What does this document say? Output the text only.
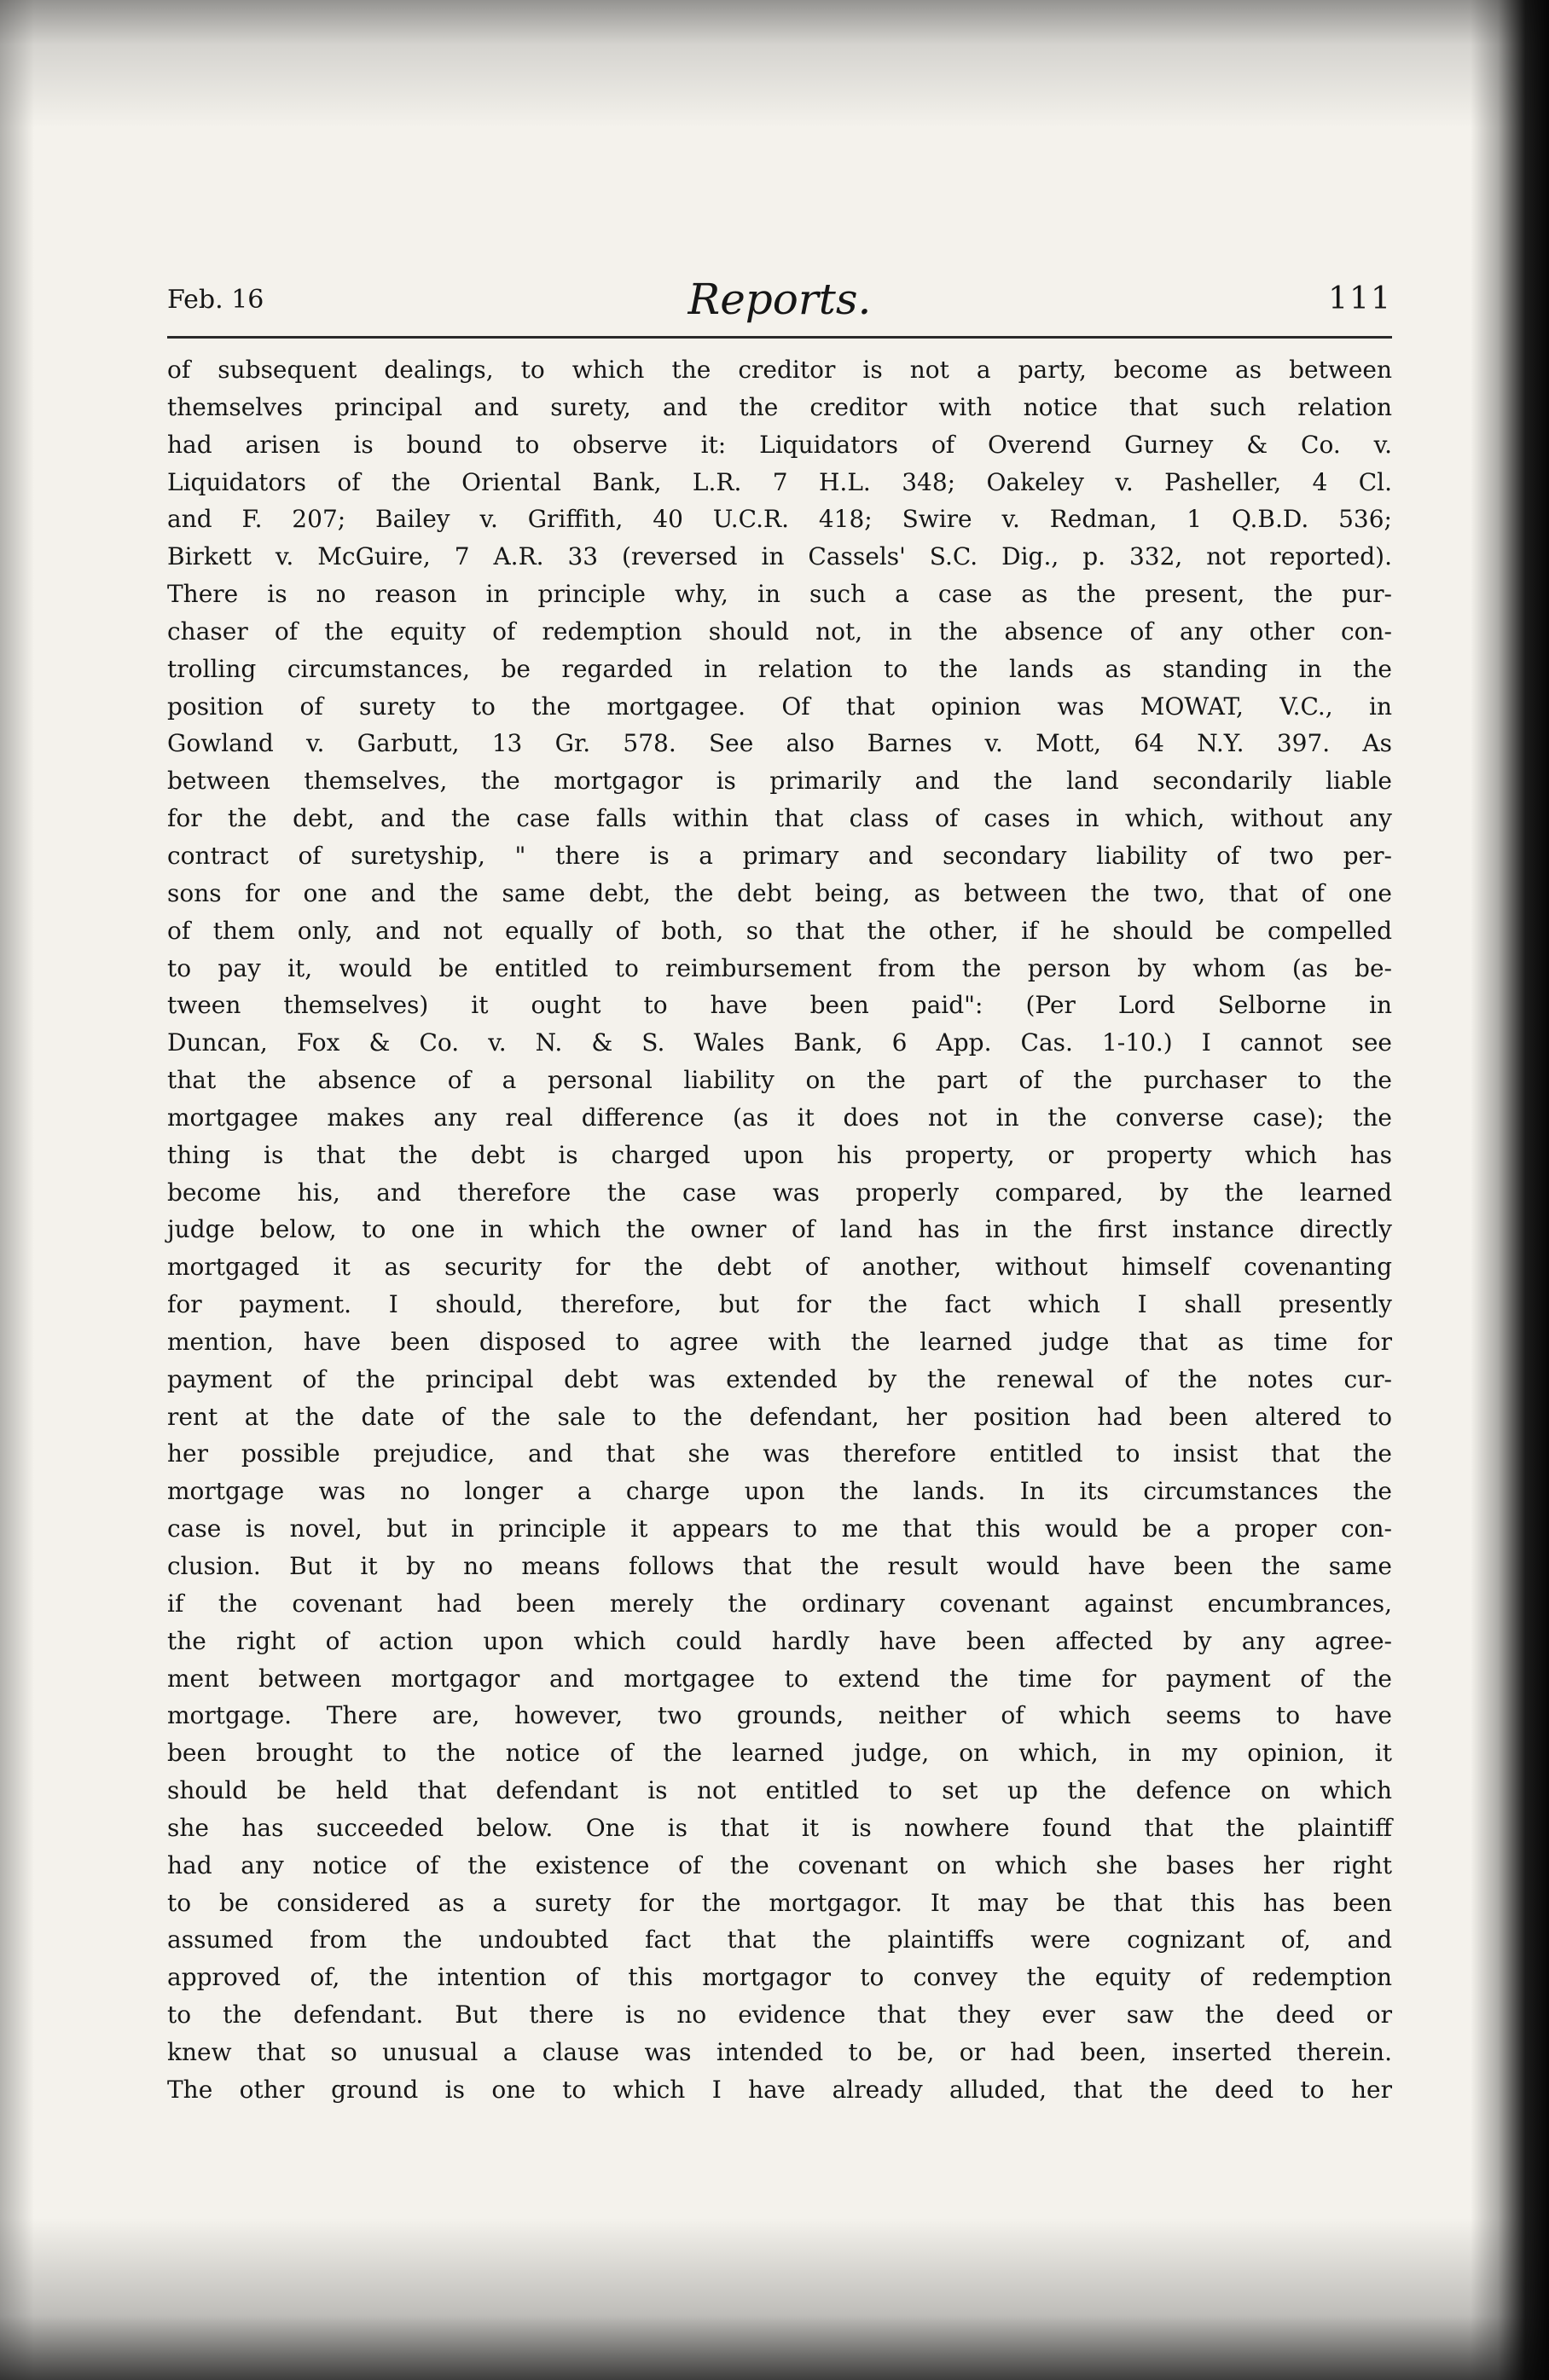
Feb. 16	Reports.	111
of subsequent dealings, to which the creditor is not a party, become as between
themselves principal and surety, and the creditor with notice that such relation
had arisen is bound to observe it: Liquidators of Overend Gurney & Co. v.
Liquidators of the Oriental Bank, L.R. 7 H.L. 348; Oakeley v. Pasheller, 4 Cl.
and F. 207; Bailey v. Griffith, 40 U.C.R. 418; Swire v. Redman, 1 Q.B.D. 536;
Birkett v. McGuire, 7 A.R. 33 (reversed in Cassels' S.C. Dig., p. 332, not reported).
There is no reason in principle why, in such a case as the present, the pur-
chaser of the equity of redemption should not, in the absence of any other con-
trolling circumstances, be regarded in relation to the lands as standing in the
position of surety to the mortgagee. Of that opinion was MOWAT, V.C., in
Gowland v. Garbutt, 13 Gr. 578. See also Barnes v. Mott, 64 N.Y. 397. As
between themselves, the mortgagor is primarily and the land secondarily liable
for the debt, and the case falls within that class of cases in which, without any
contract of suretyship, " there is a primary and secondary liability of two per-
sons for one and the same debt, the debt being, as between the two, that of one
of them only, and not equally of both, so that the other, if he should be compelled
to pay it, would be entitled to reimbursement from the person by whom (as be-
tween themselves) it ought to have been paid": (Per Lord Selborne in
Duncan, Fox & Co. v. N. & S. Wales Bank, 6 App. Cas. 1-10.) I cannot see
that the absence of a personal liability on the part of the purchaser to the
mortgagee makes any real difference (as it does not in the converse case); the
thing is that the debt is charged upon his property, or property which has
become his, and therefore the case was properly compared, by the learned
judge below, to one in which the owner of land has in the first instance directly
mortgaged it as security for the debt of another, without himself covenanting
for payment. I should, therefore, but for the fact which I shall presently
mention, have been disposed to agree with the learned judge that as time for
payment of the principal debt was extended by the renewal of the notes cur-
rent at the date of the sale to the defendant, her position had been altered to
her possible prejudice, and that she was therefore entitled to insist that the
mortgage was no longer a charge upon the lands. In its circumstances the
case is novel, but in principle it appears to me that this would be a proper con-
clusion. But it by no means follows that the result would have been the same
if the covenant had been merely the ordinary covenant against encumbrances,
the right of action upon which could hardly have been affected by any agree-
ment between mortgagor and mortgagee to extend the time for payment of the
mortgage. There are, however, two grounds, neither of which seems to have
been brought to the notice of the learned judge, on which, in my opinion, it
should be held that defendant is not entitled to set up the defence on which
she has succeeded below. One is that it is nowhere found that the plaintiff
had any notice of the existence of the covenant on which she bases her right
to be considered as a surety for the mortgagor. It may be that this has been
assumed from the undoubted fact that the plaintiffs were cognizant of, and
approved of, the intention of this mortgagor to convey the equity of redemption
to the defendant. But there is no evidence that they ever saw the deed or
knew that so unusual a clause was intended to be, or had been, inserted therein.
The other ground is one to which I have already alluded, that the deed to her
